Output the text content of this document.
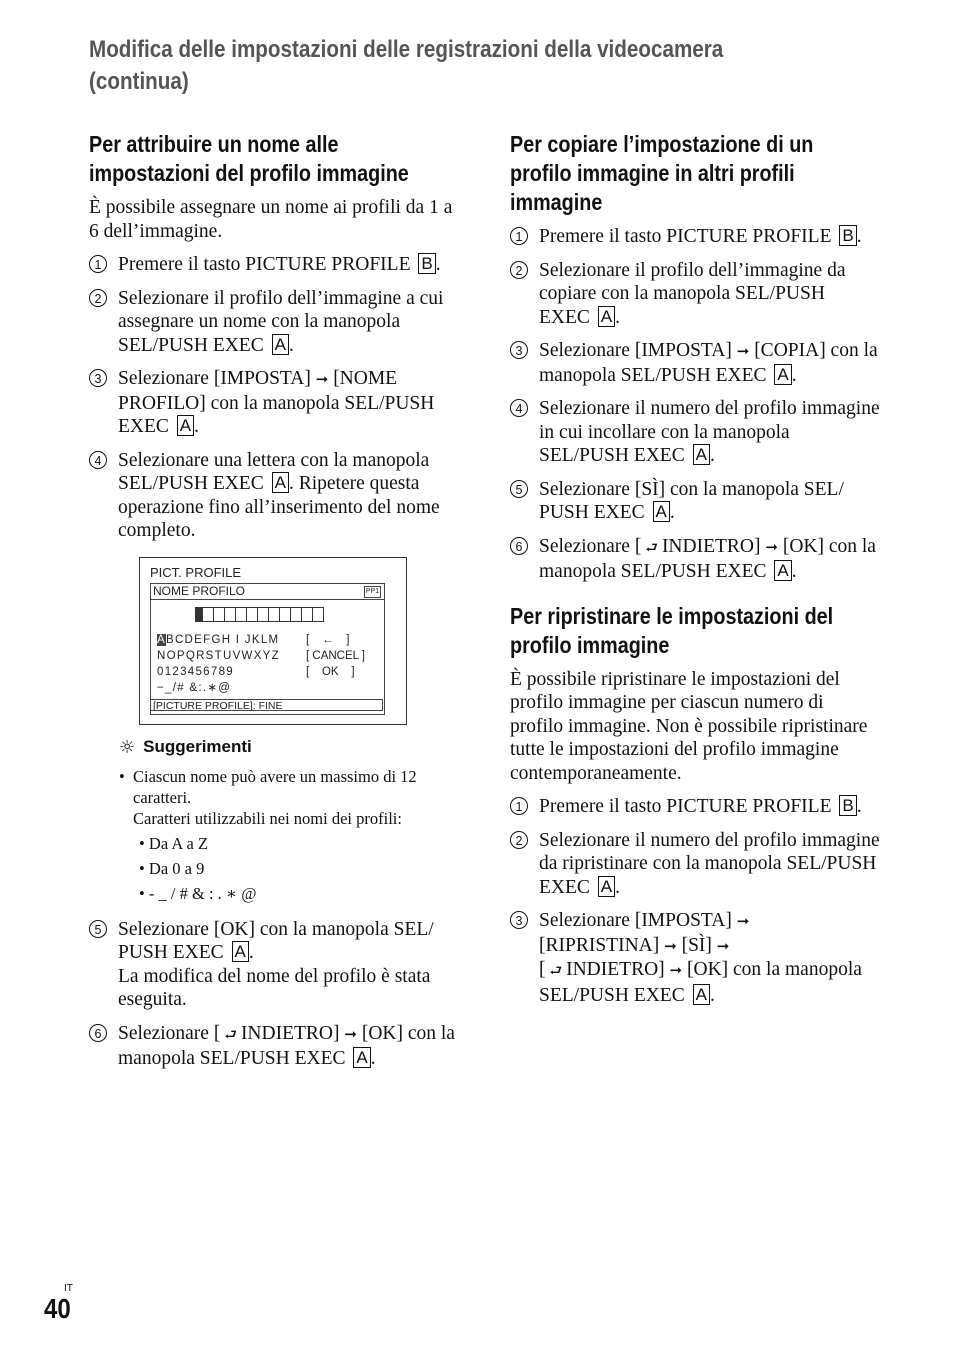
Modifica delle impostazioni delle registrazioni della videocamera
(continua)
Per attribuire un nome alle
impostazioni del profilo immagine

È possibile assegnare un nome ai profili da 1 a 6 dell’immagine.

1 Premere il tasto PICTURE PROFILE B .
2 Selezionare il profilo dell’immagine a cui assegnare un nome con la manopola SEL/PUSH EXEC A .
3 Selezionare [IMPOSTA] ➞ [NOME PROFILO] con la manopola SEL/PUSH EXEC A .
4 Selezionare una lettera con la manopola SEL/PUSH EXEC A . Ripetere questa operazione fino all’inserimento del nome completo.
PICT. PROFILE
NOME PROFILO	PP1
ABCDEFGH I JKLM
NOPQRSTUVWXYZ
0123456789
−_/# &:.∗@
[    ←    ]
[ CANCEL ]
[    OK    ]
[PICTURE PROFILE]: FINE
☼ Suggerimenti
• Ciascun nome può avere un massimo di 12 caratteri.
Caratteri utilizzabili nei nomi dei profili:
• Da A a Z
• Da 0 a 9
• - _ / # & : . ∗ @
5 Selezionare [OK] con la manopola SEL/ PUSH EXEC A .
La modifica del nome del profilo è stata eseguita.
6 Selezionare [ ⮐ INDIETRO] ➞ [OK] con la manopola SEL/PUSH EXEC A .
Per copiare l’impostazione di un
profilo immagine in altri profili
immagine
1 Premere il tasto PICTURE PROFILE B .
2 Selezionare il profilo dell’immagine da copiare con la manopola SEL/PUSH EXEC A .
3 Selezionare [IMPOSTA] ➞ [COPIA] con la manopola SEL/PUSH EXEC A .
4 Selezionare il numero del profilo immagine in cui incollare con la manopola SEL/PUSH EXEC A .
5 Selezionare [SÌ] con la manopola SEL/ PUSH EXEC A .
6 Selezionare [ ⮐ INDIETRO] ➞ [OK] con la manopola SEL/PUSH EXEC A .
Per ripristinare le impostazioni del
profilo immagine

È possibile ripristinare le impostazioni del profilo immagine per ciascun numero di profilo immagine. Non è possibile ripristinare tutte le impostazioni del profilo immagine contemporaneamente.

1 Premere il tasto PICTURE PROFILE B .
2 Selezionare il numero del profilo immagine da ripristinare con la manopola SEL/PUSH EXEC A .
3 Selezionare [IMPOSTA] ➞
[RIPRISTINA] ➞ [SÌ] ➞
[ ⮐ INDIETRO] ➞ [OK] con la manopola SEL/PUSH EXEC A .
IT
40
